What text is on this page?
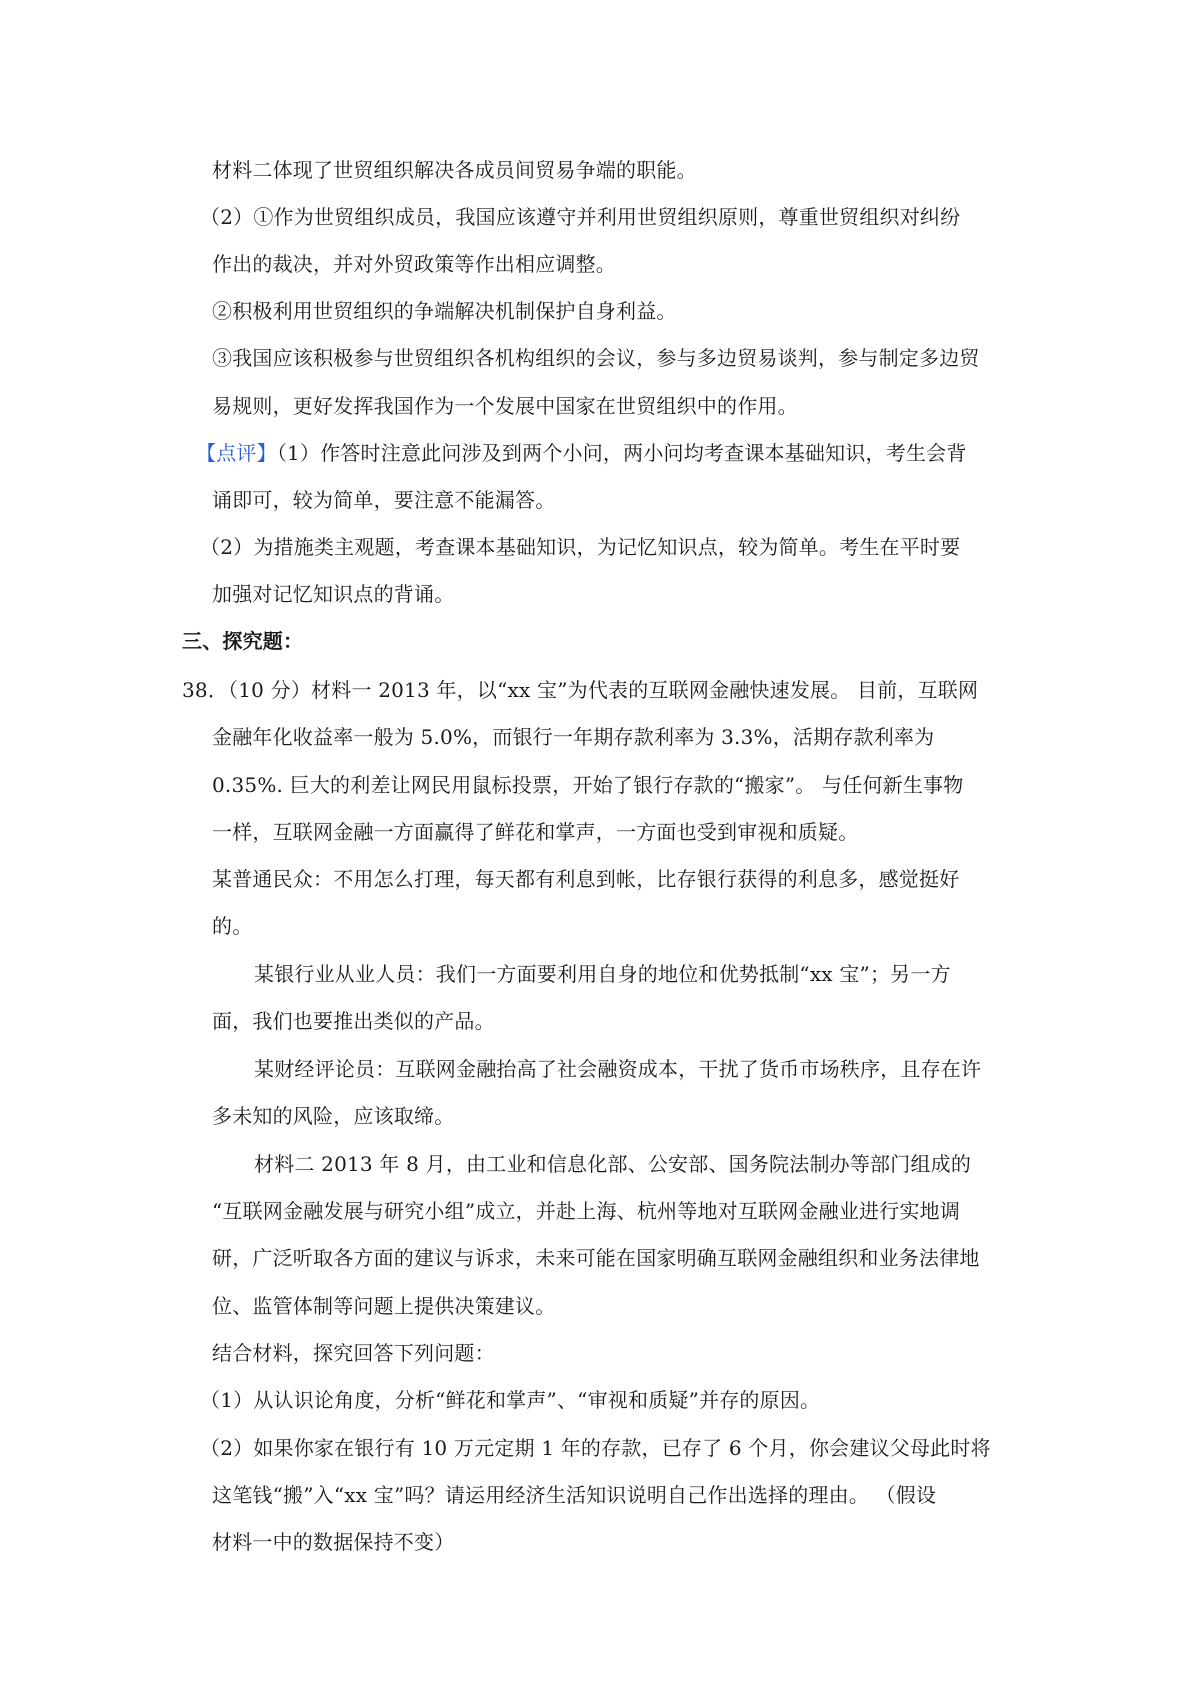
材料二体现了世贸组织解决各成员间贸易争端的职能。
（2）①作为世贸组织成员，我国应该遵守并利用世贸组织原则，尊重世贸组织对纠纷
作出的裁决，并对外贸政策等作出相应调整。
②积极利用世贸组织的争端解决机制保护自身利益。
③我国应该积极参与世贸组织各机构组织的会议，参与多边贸易谈判，参与制定多边贸
易规则，更好发挥我国作为一个发展中国家在世贸组织中的作用。
【点评】（1）作答时注意此问涉及到两个小问，两小问均考查课本基础知识，考生会背
诵即可，较为简单，要注意不能漏答。
（2）为措施类主观题，考查课本基础知识，为记忆知识点，较为简单。考生在平时要
加强对记忆知识点的背诵。
三、探究题：
38．（10 分）材料一 2013 年，以“xx 宝”为代表的互联网金融快速发展。 目前，互联网
金融年化收益率一般为 5.0%，而银行一年期存款利率为 3.3%，活期存款利率为
0.35%. 巨大的利差让网民用鼠标投票，开始了银行存款的“搬家”。 与任何新生事物
一样，互联网金融一方面赢得了鲜花和掌声，一方面也受到审视和质疑。
某普通民众：不用怎么打理，每天都有利息到帐，比存银行获得的利息多，感觉挺好
的。
某银行业从业人员：我们一方面要利用自身的地位和优势抵制“xx 宝”；另一方
面，我们也要推出类似的产品。
某财经评论员：互联网金融抬高了社会融资成本，干扰了货币市场秩序，且存在许
多未知的风险，应该取缔。
材料二 2013 年 8 月，由工业和信息化部、公安部、国务院法制办等部门组成的
“互联网金融发展与研究小组”成立，并赴上海、杭州等地对互联网金融业进行实地调
研，广泛听取各方面的建议与诉求，未来可能在国家明确互联网金融组织和业务法律地
位、监管体制等问题上提供决策建议。
结合材料，探究回答下列问题：
（1）从认识论角度，分析“鲜花和掌声”、“审视和质疑”并存的原因。
（2）如果你家在银行有 10 万元定期 1 年的存款，已存了 6 个月，你会建议父母此时将
这笔钱“搬”入“xx 宝”吗？请运用经济生活知识说明自己作出选择的理由。 （假设
材料一中的数据保持不变）
